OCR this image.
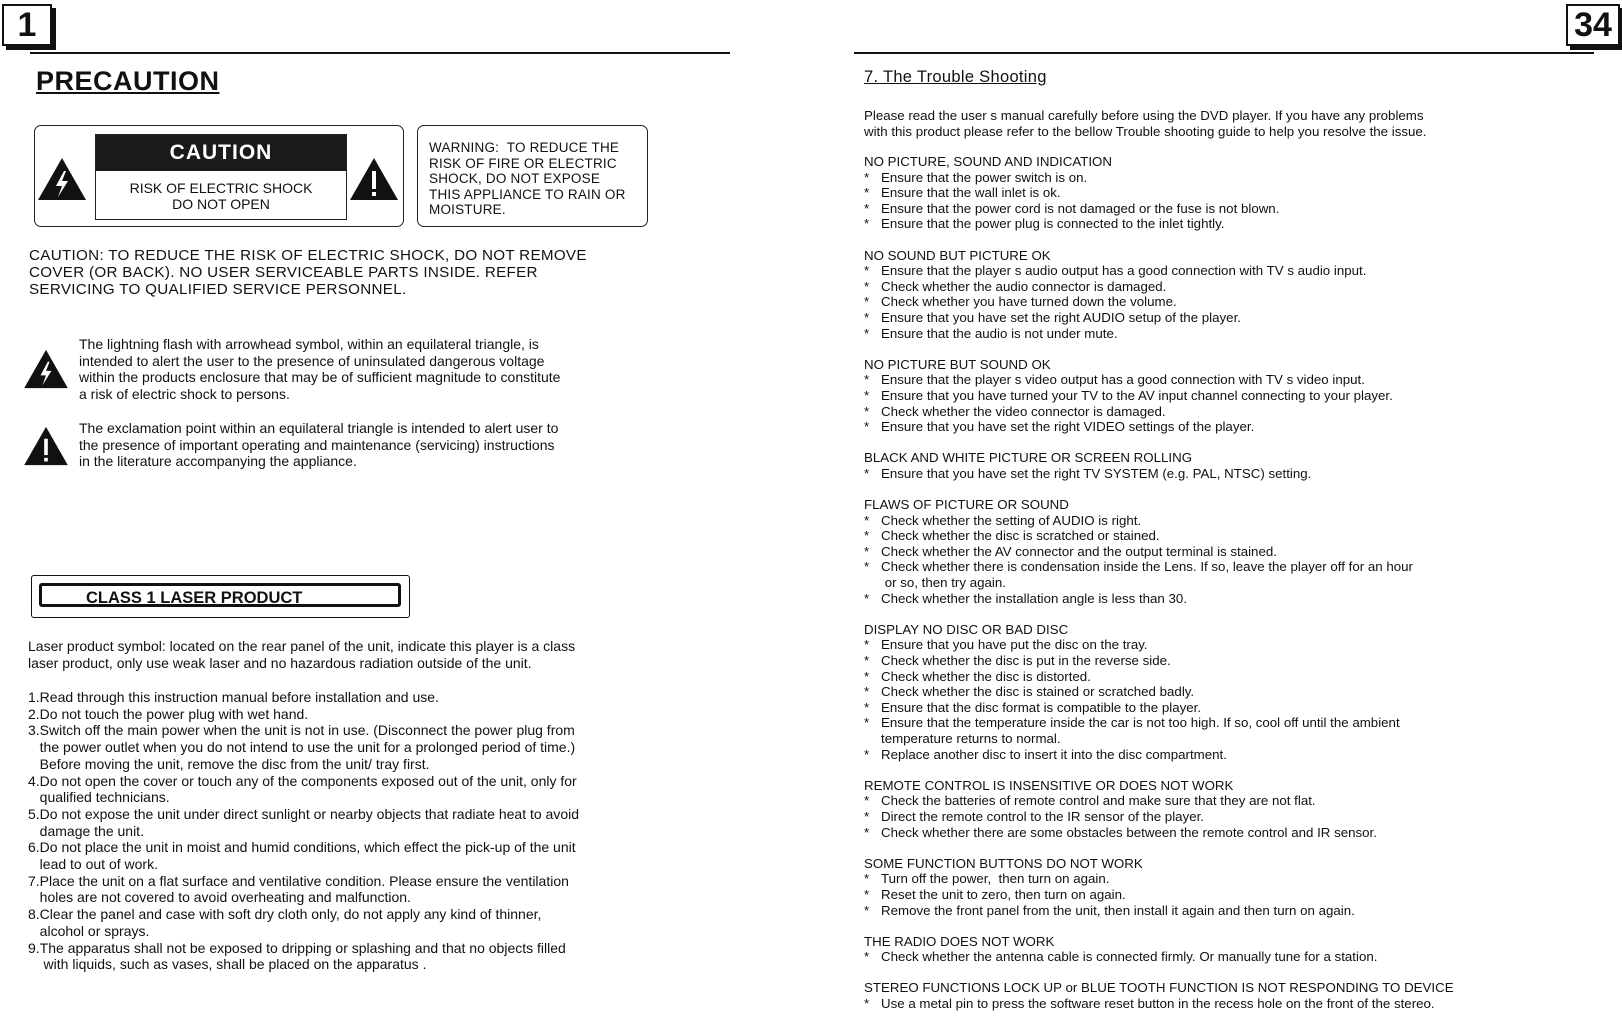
1
PRECAUTION
CAUTION
RISK OF ELECTRIC SHOCK
DO NOT OPEN
WARNING:  TO REDUCE THE
RISK OF FIRE OR ELECTRIC
SHOCK, DO NOT EXPOSE
THIS APPLIANCE TO RAIN OR
MOISTURE.
CAUTION: TO REDUCE THE RISK OF ELECTRIC SHOCK, DO NOT REMOVE
COVER (OR BACK). NO USER SERVICEABLE PARTS INSIDE. REFER
SERVICING TO QUALIFIED SERVICE PERSONNEL.
The lightning flash with arrowhead symbol, within an equilateral triangle, is
intended to alert the user to the presence of uninsulated dangerous voltage
within the products enclosure that may be of sufficient magnitude to constitute
a risk of electric shock to persons.
The exclamation point within an equilateral triangle is intended to alert user to
the presence of important operating and maintenance (servicing) instructions
in the literature accompanying the appliance.
CLASS 1 LASER PRODUCT
Laser product symbol: located on the rear panel of the unit, indicate this player is a class
laser product, only use weak laser and no hazardous radiation outside of the unit.
1.Read through this instruction manual before installation and use.
2.Do not touch the power plug with wet hand.
3.Switch off the main power when the unit is not in use. (Disconnect the power plug from
the power outlet when you do not intend to use the unit for a prolonged period of time.)
Before moving the unit, remove the disc from the unit/ tray first.
4.Do not open the cover or touch any of the components exposed out of the unit, only for
qualified technicians.
5.Do not expose the unit under direct sunlight or nearby objects that radiate heat to avoid
damage the unit.
6.Do not place the unit in moist and humid conditions, which effect the pick-up of the unit
lead to out of work.
7.Place the unit on a flat surface and ventilative condition. Please ensure the ventilation
holes are not covered to avoid overheating and malfunction.
8.Clear the panel and case with soft dry cloth only, do not apply any kind of thinner,
alcohol or sprays.
9.The apparatus shall not be exposed to dripping or splashing and that no objects filled
with liquids, such as vases, shall be placed on the apparatus .
34
7. The Trouble Shooting
Please read the user s manual carefully before using the DVD player. If you have any problems
with this product please refer to the bellow Trouble shooting guide to help you resolve the issue.
NO PICTURE, SOUND AND INDICATION
* Ensure that the power switch is on.
* Ensure that the wall inlet is ok.
* Ensure that the power cord is not damaged or the fuse is not blown.
* Ensure that the power plug is connected to the inlet tightly.
NO SOUND BUT PICTURE OK
* Ensure that the player s audio output has a good connection with TV s audio input.
* Check whether the audio connector is damaged.
* Check whether you have turned down the volume.
* Ensure that you have set the right AUDIO setup of the player.
* Ensure that the audio is not under mute.
NO PICTURE BUT SOUND OK
* Ensure that the player s video output has a good connection with TV s video input.
* Ensure that you have turned your TV to the AV input channel connecting to your player.
* Check whether the video connector is damaged.
* Ensure that you have set the right VIDEO settings of the player.
BLACK AND WHITE PICTURE OR SCREEN ROLLING
* Ensure that you have set the right TV SYSTEM (e.g. PAL, NTSC) setting.
FLAWS OF PICTURE OR SOUND
* Check whether the setting of AUDIO is right.
* Check whether the disc is scratched or stained.
* Check whether the AV connector and the output terminal is stained.
* Check whether there is condensation inside the Lens. If so, leave the player off for an hour
or so, then try again.
* Check whether the installation angle is less than 30.
DISPLAY NO DISC OR BAD DISC
* Ensure that you have put the disc on the tray.
* Check whether the disc is put in the reverse side.
* Check whether the disc is distorted.
* Check whether the disc is stained or scratched badly.
* Ensure that the disc format is compatible to the player.
* Ensure that the temperature inside the car is not too high. If so, cool off until the ambient
temperature returns to normal.
* Replace another disc to insert it into the disc compartment.
REMOTE CONTROL IS INSENSITIVE OR DOES NOT WORK
* Check the batteries of remote control and make sure that they are not flat.
* Direct the remote control to the IR sensor of the player.
* Check whether there are some obstacles between the remote control and IR sensor.
SOME FUNCTION BUTTONS DO NOT WORK
* Turn off the power,  then turn on again.
* Reset the unit to zero, then turn on again.
* Remove the front panel from the unit, then install it again and then turn on again.
THE RADIO DOES NOT WORK
* Check whether the antenna cable is connected firmly. Or manually tune for a station.
STEREO FUNCTIONS LOCK UP or BLUE TOOTH FUNCTION IS NOT RESPONDING TO DEVICE
* Use a metal pin to press the software reset button in the recess hole on the front of the stereo.
